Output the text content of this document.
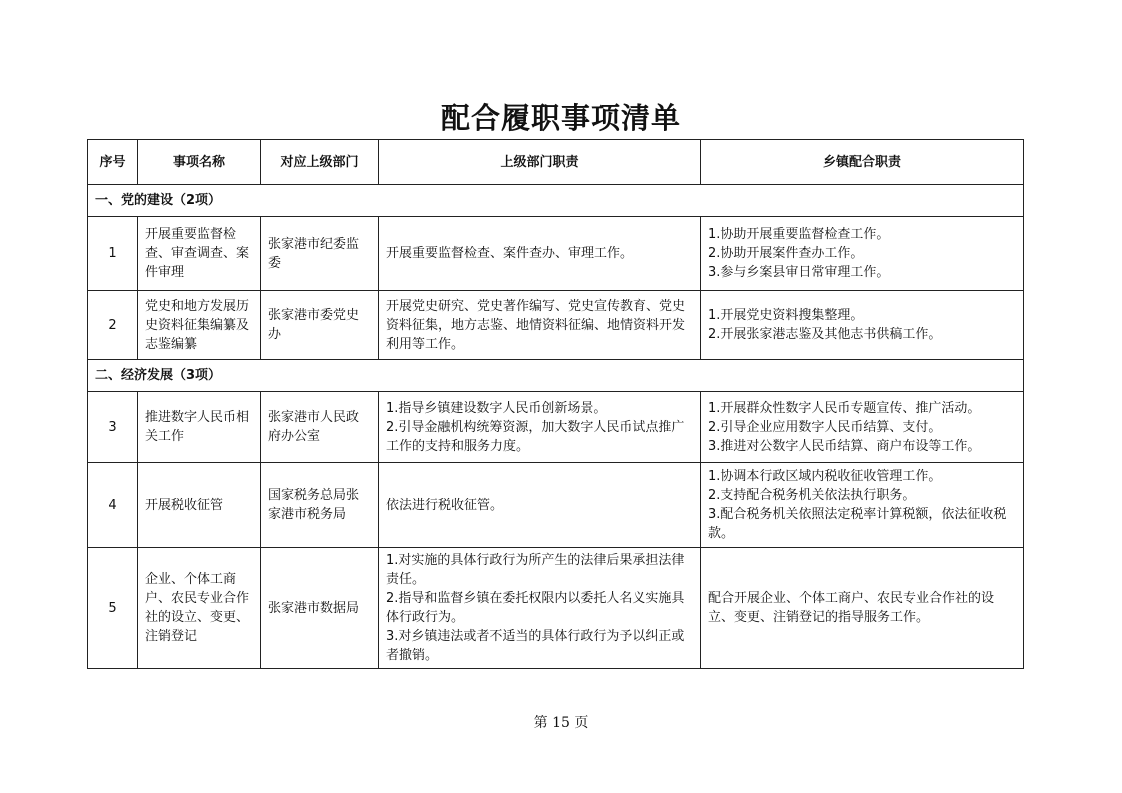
配合履职事项清单
序号	事项名称	对应上级部门	上级部门职责	乡镇配合职责
一、党的建设（2项）				
1	开展重要监督检查、审查调查、案件审理	张家港市纪委监委	开展重要监督检查、案件查办、审理工作。	1.协助开展重要监督检查工作。
2.协助开展案件查办工作。
3.参与乡案县审日常审理工作。

2	党史和地方发展历史资料征集编纂及志鉴编纂	张家港市委党史办	开展党史研究、党史著作编写、党史宣传教育、党史资料征集，地方志鉴、地情资料征编、地情资料开发利用等工作。	1.开展党史资料搜集整理。
2.开展张家港志鉴及其他志书供稿工作。

二、经济发展（3项）				
3	推进数字人民币相关工作	张家港市人民政府办公室	1.指导乡镇建设数字人民币创新场景。
2.引导金融机构统筹资源，加大数字人民币试点推广工作的支持和服务力度。	1.开展群众性数字人民币专题宣传、推广活动。
2.引导企业应用数字人民币结算、支付。
3.推进对公数字人民币结算、商户布设等工作。

4	开展税收征管	国家税务总局张家港市税务局	依法进行税收征管。	1.协调本行政区域内税收征收管理工作。
2.支持配合税务机关依法执行职务。
3.配合税务机关依照法定税率计算税额，依法征收税款。

5	企业、个体工商户、农民专业合作社的设立、变更、注销登记	张家港市数据局	1.对实施的具体行政行为所产生的法律后果承担法律责任。
2.指导和监督乡镇在委托权限内以委托人名义实施具体行政行为。
3.对乡镇违法或者不适当的具体行政行为予以纠正或者撤销。	配合开展企业、个体工商户、农民专业合作社的设立、变更、注销登记的指导服务工作。
第 15 页
